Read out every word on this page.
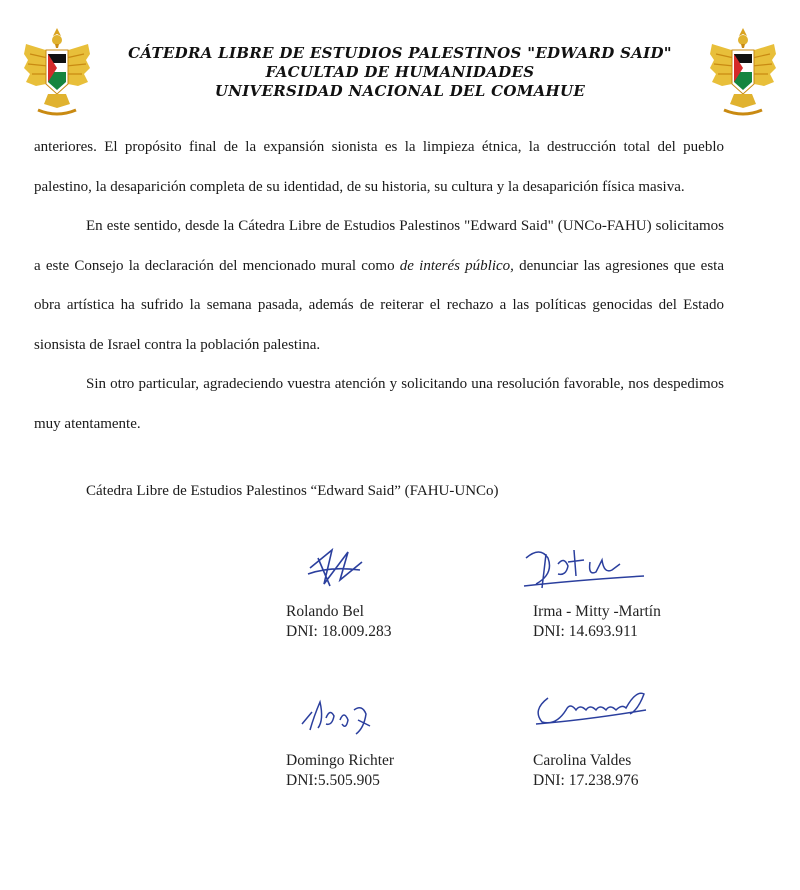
CÁTEDRA LIBRE DE ESTUDIOS PALESTINOS "EDWARD SAID"
FACULTAD DE HUMANIDADES
UNIVERSIDAD NACIONAL DEL COMAHUE

anteriores. El propósito final de la expansión sionista es la limpieza étnica, la destrucción total del pueblo palestino, la desaparición completa de su identidad, de su historia, su cultura y la desaparición física masiva.

En este sentido, desde la Cátedra Libre de Estudios Palestinos "Edward Said" (UNCo-FAHU) solicitamos a este Consejo la declaración del mencionado mural como de interés público, denunciar las agresiones que esta obra artística ha sufrido la semana pasada, además de reiterar el rechazo a las políticas genocidas del Estado sionsista de Israel contra la población palestina.

Sin otro particular, agradeciendo vuestra atención y solicitando una resolución favorable, nos despedimos muy atentamente.

Cátedra Libre de Estudios Palestinos “Edward Said” (FAHU-UNCo)
Rolando Bel
DNI: 18.009.283
Irma - Mitty -Martín
DNI: 14.693.911
Domingo Richter
DNI:5.505.905
Carolina Valdes
DNI: 17.238.976
